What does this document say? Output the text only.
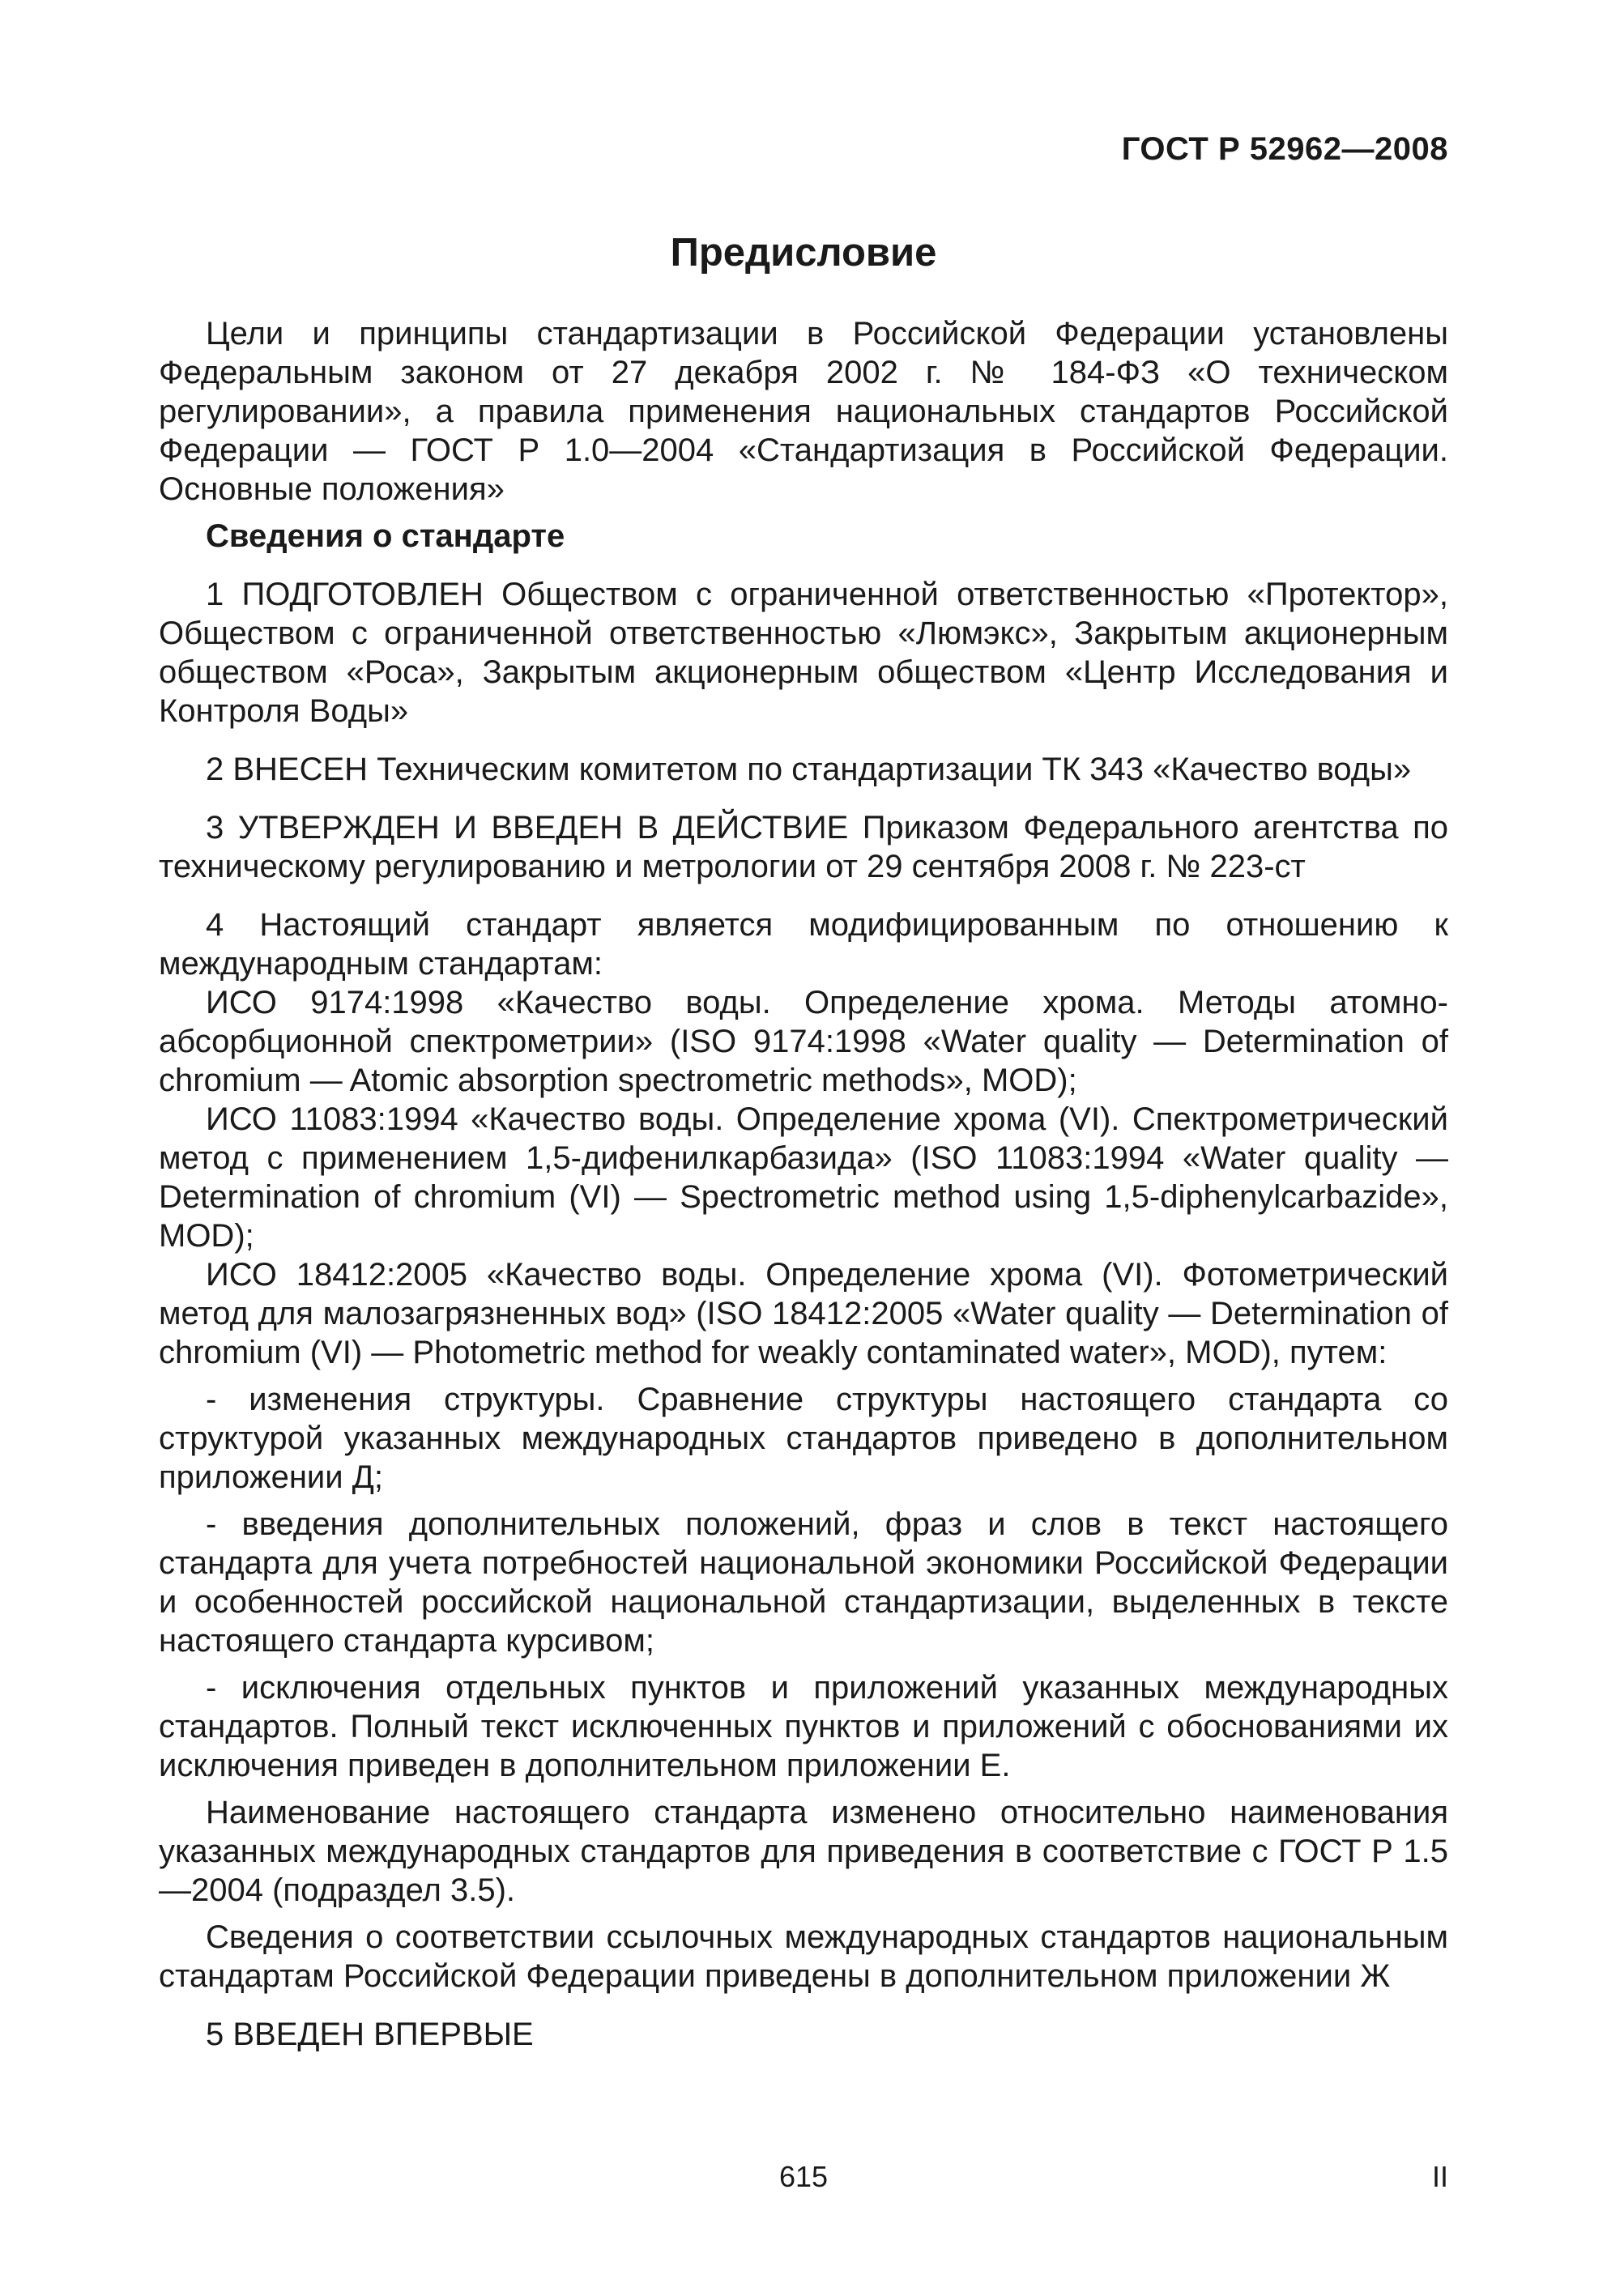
ГОСТ Р 52962—2008
Предисловие

Цели и принципы стандартизации в Российской Федерации установлены Федеральным законом от 27 декабря 2002 г. № 184-ФЗ «О техническом регулировании», а правила применения национальных стандартов Российской Федерации — ГОСТ Р 1.0—2004 «Стандартизация в Российской Федерации. Основные положения»

Сведения о стандарте

1 ПОДГОТОВЛЕН Обществом с ограниченной ответственностью «Протектор», Обществом с ограниченной ответственностью «Люмэкс», Закрытым акционерным обществом «Роса», Закрытым акционерным обществом «Центр Исследования и Контроля Воды»

2 ВНЕСЕН Техническим комитетом по стандартизации ТК 343 «Качество воды»

3 УТВЕРЖДЕН И ВВЕДЕН В ДЕЙСТВИЕ Приказом Федерального агентства по техническому регулированию и метрологии от 29 сентября 2008 г. № 223-ст

4 Настоящий стандарт является модифицированным по отношению к международным стандартам:

ИСО 9174:1998 «Качество воды. Определение хрома. Методы атомно-абсорбционной спектрометрии» (ISO 9174:1998 «Water quality — Determination of chromium — Atomic absorption spectrometric methods», MOD);

ИСО 11083:1994 «Качество воды. Определение хрома (VI). Спектрометрический метод с применением 1,5-дифенилкарбазида» (ISO 11083:1994 «Water quality — Determination of chromium (VI) — Spectrometric method using 1,5-diphenylcarbazide», MOD);

ИСО 18412:2005 «Качество воды. Определение хрома (VI). Фотометрический метод для малозагрязненных вод» (ISO 18412:2005 «Water quality — Determination of chromium (VI) — Photometric method for weakly contaminated water», MOD), путем:

- изменения структуры. Сравнение структуры настоящего стандарта со структурой указанных международных стандартов приведено в дополнительном приложении Д;

- введения дополнительных положений, фраз и слов в текст настоящего стандарта для учета потребностей национальной экономики Российской Федерации и особенностей российской национальной стандартизации, выделенных в тексте настоящего стандарта курсивом;

- исключения отдельных пунктов и приложений указанных международных стандартов. Полный текст исключенных пунктов и приложений с обоснованиями их исключения приведен в дополнительном приложении Е.

Наименование настоящего стандарта изменено относительно наименования указанных международных стандартов для приведения в соответствие с ГОСТ Р 1.5—2004 (подраздел 3.5).

Сведения о соответствии ссылочных международных стандартов национальным стандартам Российской Федерации приведены в дополнительном приложении Ж

5 ВВЕДЕН ВПЕРВЫЕ

615	II
